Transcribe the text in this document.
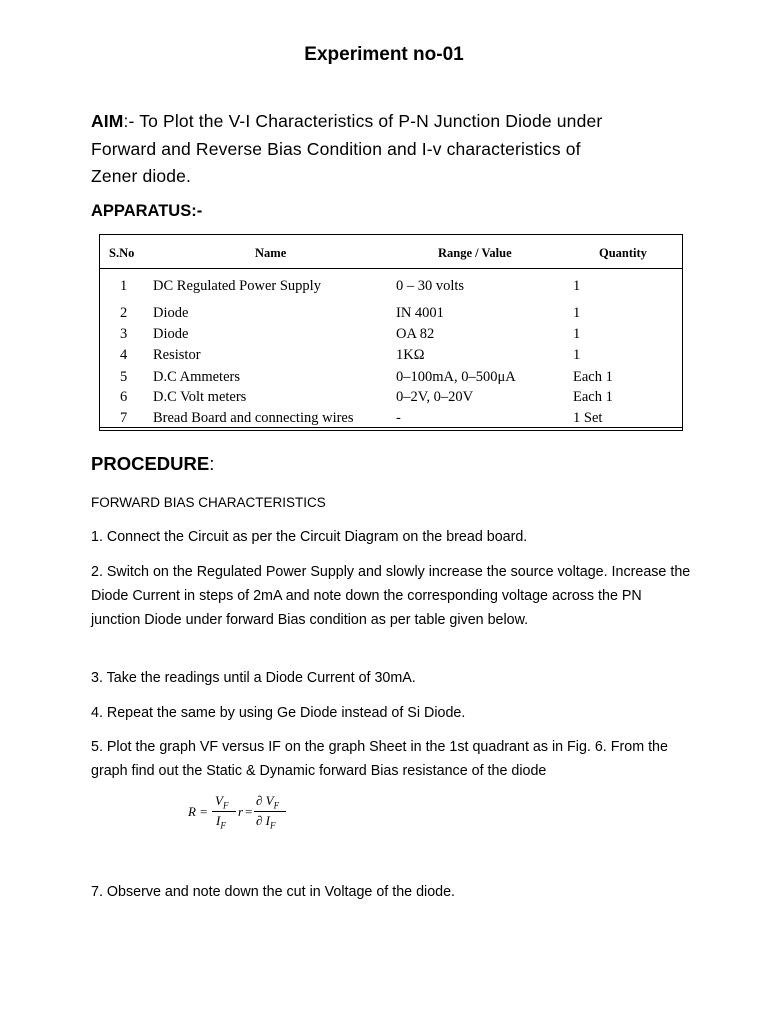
Experiment no-01
AIM:- To Plot the V-I Characteristics of P-N Junction Diode under
Forward and Reverse Bias Condition and I-v characteristics of
Zener diode.
APPARATUS:-
S.No	Name	Range / Value	Quantity
1 DC Regulated Power Supply	0 – 30 volts	1
2 Diode	IN 4001	1
3 Diode	OA 82	1
4 Resistor	1KΩ	1
5 D.C Ammeters	0–100mA, 0–500μA	Each 1
6 D.C Volt meters	0–2V, 0–20V	Each 1
7 Bread Board and connecting wires	-	1 Set
PROCEDURE:
FORWARD BIAS CHARACTERISTICS
1. Connect the Circuit as per the Circuit Diagram on the bread board.
2. Switch on the Regulated Power Supply and slowly increase the source voltage. Increase the Diode Current in steps of 2mA and note down the corresponding voltage across the PN junction Diode under forward Bias condition as per table given below.
3. Take the readings until a Diode Current of 30mA.
4. Repeat the same by using Ge Diode instead of Si Diode.
5. Plot the graph VF versus IF on the graph Sheet in the 1st quadrant as in Fig. 6. From the graph find out the Static & Dynamic forward Bias resistance of the diode
R =
$V_F$
$I_F$
r =
∂ $V_F$
∂ $I_F$
7. Observe and note down the cut in Voltage of the diode.
